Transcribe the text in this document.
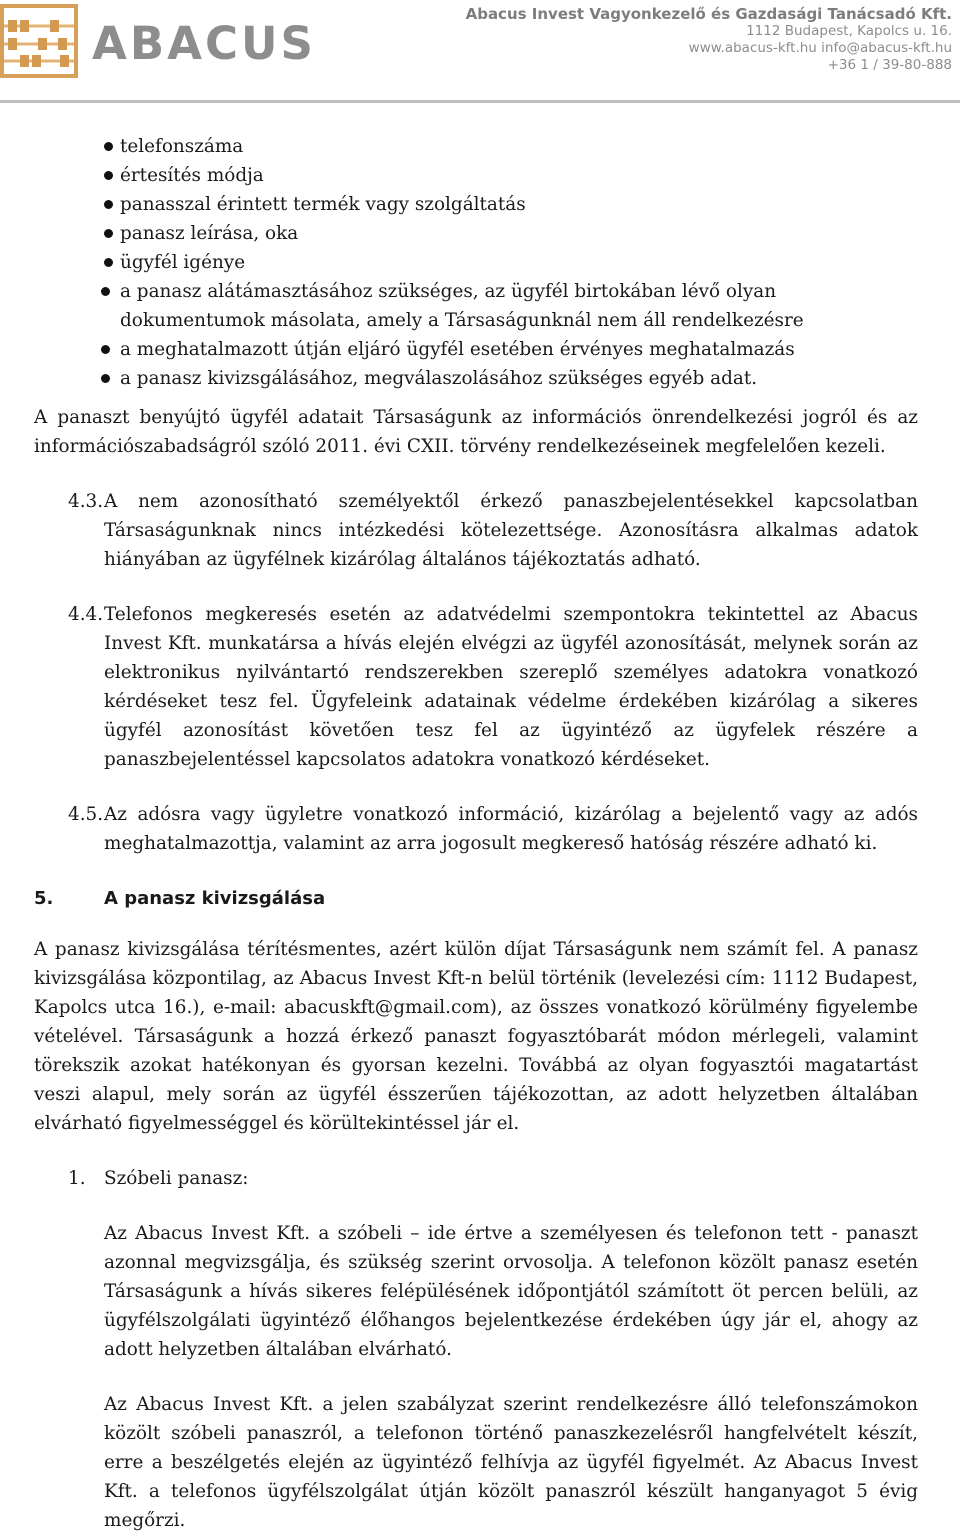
ABACUS
Abacus Invest Vagyonkezelő és Gazdasági Tanácsadó Kft.
1112 Budapest, Kapolcs u. 16.
www.abacus-kft.hu info@abacus-kft.hu
+36 1 / 39-80-888
telefonszáma
értesítés módja
panasszal érintett termék vagy szolgáltatás
panasz leírása, oka
ügyfél igénye
a panasz alátámasztásához szükséges, az ügyfél birtokában lévő olyan dokumentumok másolata, amely a Társaságunknál nem áll rendelkezésre
a meghatalmazott útján eljáró ügyfél esetében érvényes meghatalmazás
a panasz kivizsgálásához, megválaszolásához szükséges egyéb adat.

A panaszt benyújtó ügyfél adatait Társaságunk az információs önrendelkezési jogról és az információszabadságról szóló 2011. évi CXII. törvény rendelkezéseinek megfelelően kezeli.

4.3. A nem azonosítható személyektől érkező panaszbejelentésekkel kapcsolatban Társaságunknak nincs intézkedési kötelezettsége. Azonosításra alkalmas adatok hiányában az ügyfélnek kizárólag általános tájékoztatás adható.
4.4. Telefonos megkeresés esetén az adatvédelmi szempontokra tekintettel az Abacus Invest Kft. munkatársa a hívás elején elvégzi az ügyfél azonosítását, melynek során az elektronikus nyilvántartó rendszerekben szereplő személyes adatokra vonatkozó kérdéseket tesz fel. Ügyfeleink adatainak védelme érdekében kizárólag a sikeres ügyfél azonosítást követően tesz fel az ügyintéző az ügyfelek részére a panaszbejelentéssel kapcsolatos adatokra vonatkozó kérdéseket.
4.5. Az adósra vagy ügyletre vonatkozó információ, kizárólag a bejelentő vagy az adós meghatalmazottja, valamint az arra jogosult megkereső hatóság részére adható ki.
5.	A panasz kivizsgálása

A panasz kivizsgálása térítésmentes, azért külön díjat Társaságunk nem számít fel. A panasz kivizsgálása központilag, az Abacus Invest Kft-n belül történik (levelezési cím: 1112 Budapest, Kapolcs utca 16.), e-mail: abacuskft@gmail.com), az összes vonatkozó körülmény figyelembe vételével. Társaságunk a hozzá érkező panaszt fogyasztóbarát módon mérlegeli, valamint törekszik azokat hatékonyan és gyorsan kezelni. Továbbá az olyan fogyasztói magatartást veszi alapul, mely során az ügyfél ésszerűen tájékozottan, az adott helyzetben általában elvárható figyelmességgel és körültekintéssel jár el.

1. Szóbeli panasz:

Az Abacus Invest Kft. a szóbeli – ide értve a személyesen és telefonon tett - panaszt azonnal megvizsgálja, és szükség szerint orvosolja. A telefonon közölt panasz esetén Társaságunk a hívás sikeres felépülésének időpontjától számított öt percen belüli, az ügyfélszolgálati ügyintéző élőhangos bejelentkezése érdekében úgy jár el, ahogy az adott helyzetben általában elvárható.

Az Abacus Invest Kft. a jelen szabályzat szerint rendelkezésre álló telefonszámokon közölt szóbeli panaszról, a telefonon történő panaszkezelésről hangfelvételt készít, erre a beszélgetés elején az ügyintéző felhívja az ügyfél figyelmét. Az Abacus Invest Kft. a telefonos ügyfélszolgálat útján közölt panaszról készült hanganyagot 5 évig megőrzi.
